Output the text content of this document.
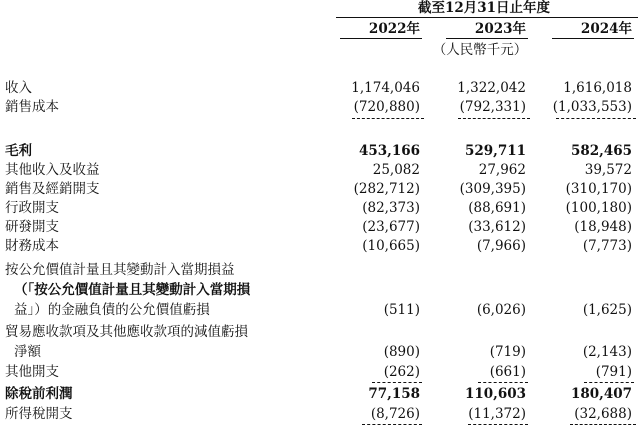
截至12月31日止年度
2022年	2023年	2024年
（人民幣千元）
收入	1,174,046	1,322,042	1,616,018
銷售成本	(720,880)	(792,331) (1,033,553)
毛利	453,166	529,711	582,465
其他收入及收益	25,082	27,962	39,572
銷售及經銷開支	(282,712)	(309,395)	(310,170)
行政開支	(82,373)	(88,691)	(100,180)
研發開支	(23,677)	(33,612)	(18,948)
財務成本	(10,665)	(7,966)	(7,773)
按公允價值計量且其變動計入當期損益
（「按公允價值計量且其變動計入當期損
益」）的金融負債的公允價值虧損	(511)	(6,026)	(1,625)
貿易應收款項及其他應收款項的減值虧損
淨額	(890)	(719)	(2,143)
其他開支	(262)	(661)	(791)
除稅前利潤	77,158	110,603	180,407
所得稅開支	(8,726)	(11,372)	(32,688)
